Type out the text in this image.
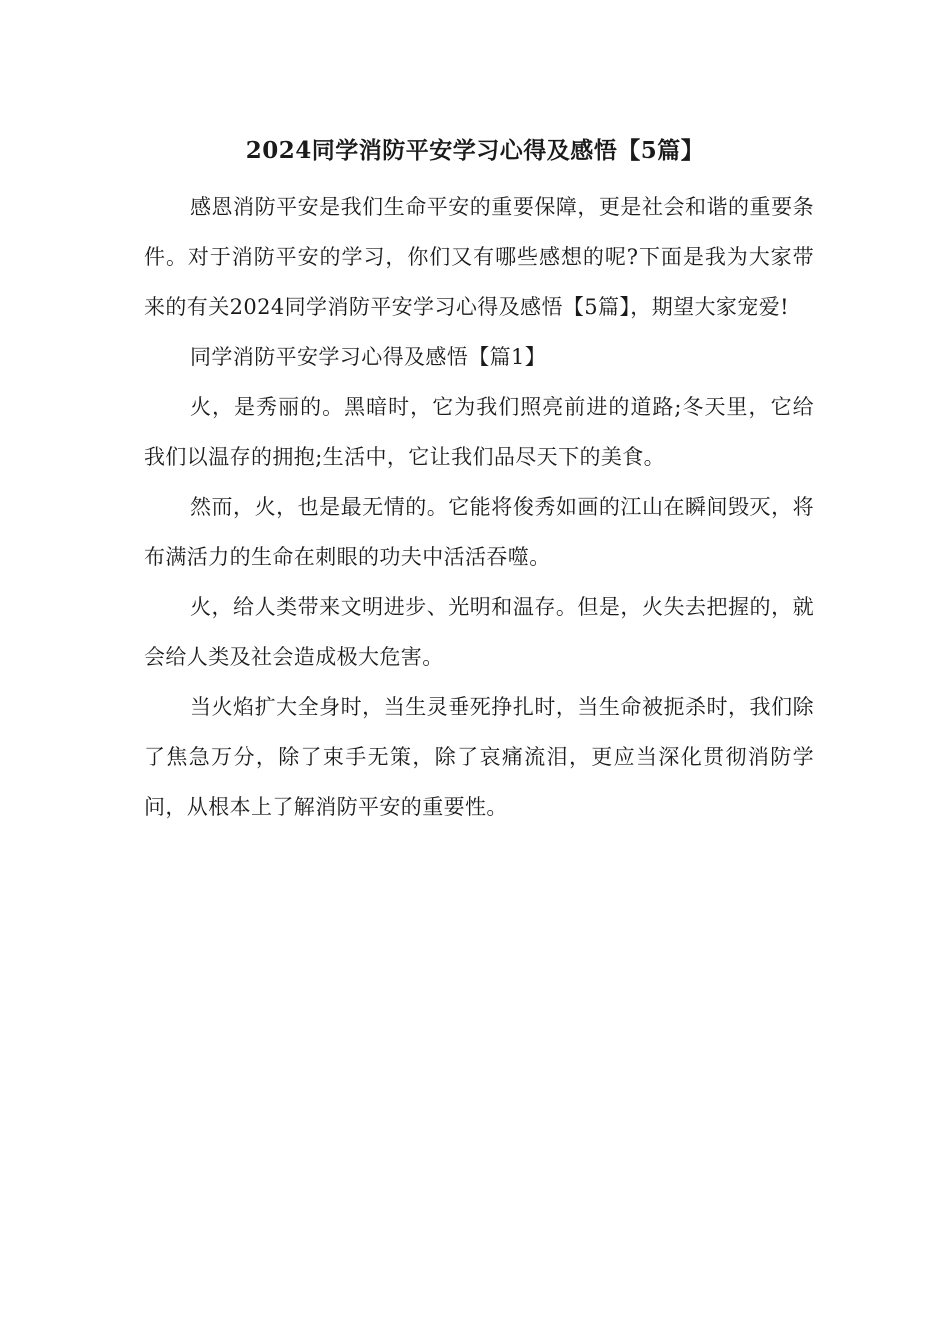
2024同学消防平安学习心得及感悟【5篇】

感恩消防平安是我们生命平安的重要保障，更是社会和谐的重要条件。对于消防平安的学习，你们又有哪些感想的呢?下面是我为大家带来的有关2024同学消防平安学习心得及感悟【5篇】，期望大家宠爱!

同学消防平安学习心得及感悟【篇1】

火，是秀丽的。黑暗时，它为我们照亮前进的道路;冬天里，它给我们以温存的拥抱;生活中，它让我们品尽天下的美食。

然而，火，也是最无情的。它能将俊秀如画的江山在瞬间毁灭，将布满活力的生命在刺眼的功夫中活活吞噬。

火，给人类带来文明进步、光明和温存。但是，火失去把握的，就会给人类及社会造成极大危害。

当火焰扩大全身时，当生灵垂死挣扎时，当生命被扼杀时，我们除了焦急万分，除了束手无策，除了哀痛流泪，更应当深化贯彻消防学问，从根本上了解消防平安的重要性。
